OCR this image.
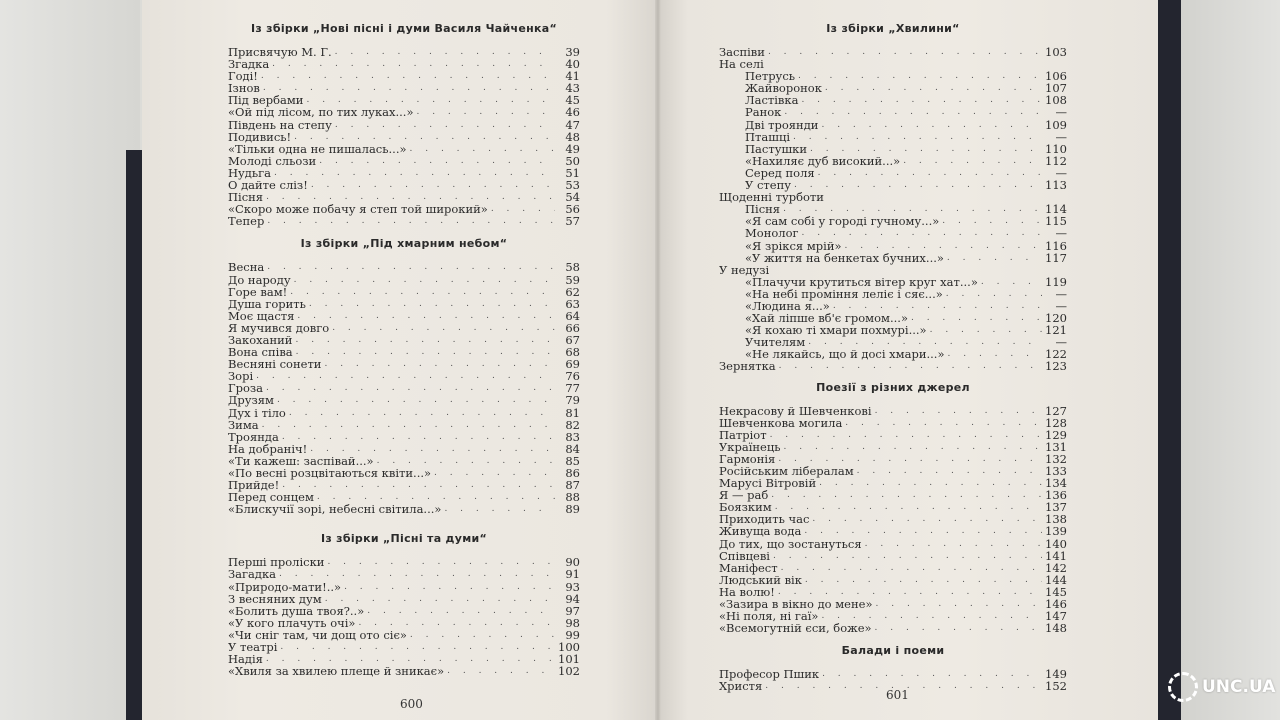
Із збірки „Нові пісні і думи Василя Чайченка“
Присвячую М. Г. . . .	39
Згадка . . .	40
Годі! . . .	41
Ізнов . . .	43
Під вербами . . .	45
«Ой під лісом, по тих луках...» . . .	46
Південь на степу . . .	47
Подивись! . . .	48
«Тільки одна не пишалась...» . . .	49
Молоді сльози . . .	50
Нудьга . . .	51
О дайте сліз! . . .	53
Пісня . . .	54
«Скоро може побачу я степ той широкий» . . .	56
Тепер . . .	57
Із збірки „Під хмарним небом“
Весна . . .	58
До народу . . .	59
Горе вам! . . .	62
Душа горить . . .	63
Моє щастя . . .	64
Я мучився довго . . .	66
Закоханий . . .	67
Вона співа . . .	68
Весняні сонети . . .	69
Зорі . . .	76
Гроза . . .	77
Друзям . . .	79
Дух і тіло . . .	81
Зима . . .	82
Троянда . . .	83
На добраніч! . . .	84
«Ти кажеш: заспівай...» . . .	85
«По весні розцвітаються квіти...» . . .	86
Прийде! . . .	87
Перед сонцем . . .	88
«Блискучії зорі, небесні світила...» . . .	89
Із збірки „Пісні та думи“
Перші проліски . . .	90
Загадка . . .	91
«Природо-мати!..» . . .	93
З весняних дум . . .	94
«Болить душа твоя?..» . . .	97
«У кого плачуть очі» . . .	98
«Чи сніг там, чи дощ ото сіє» . . .	99
У театрі . . .	100
Надія . . .	101
«Хвиля за хвилею плеще й зникає» . . .	102
Із збірки „Хвилини“
Заспіви . . .	103
На селі
Петрусь . . .	106
Жайворонок . . .	107
Ластівка . . .	108
Ранок . . .	—
Дві троянди . . .	109
Пташці . . .	—
Пастушки . . .	110
«Нахиляє дуб високий...» . . .	112
Серед поля . . .	—
У степу . . .	113
Щоденні турботи
Пісня . . .	114
«Я сам собі у городі гучному...» . . .	115
Монолог . . .	—
«Я зрікся мрій» . . .	116
«У життя на бенкетах бучних...» . . .	117
У недузі
«Плачучи крутиться вітер круг хат...» . . .	119
«На небі проміння леліє і сяє...» . . .	—
«Людина я...» . . .	—
«Хай ліпше вб'є громом...» . . .	120
«Я кохаю ті хмари похмурі...» . . .	121
Учителям . . .	—
«Не лякайсь, що й досі хмари...» . . .	122
Зернятка . . .	123
Поезії з різних джерел
Некрасову й Шевченкові . . .	127
Шевченкова могила . . .	128
Патріот . . .	129
Українець . . .	131
Гармонія . . .	132
Російським лібералам . . .	133
Марусі Вітровій . . .	134
Я — раб . . .	136
Боязким . . .	137
Приходить час . . .	138
Живуща вода . . .	139
До тих, що зостануться . . .	140
Співцеві . . .	141
Маніфест . . .	142
Людський вік . . .	144
На волю! . . .	145
«Зазира в вікно до мене» . . .	146
«Ні поля, ні гаї» . . .	147
«Всемогутній єси, боже» . . .	148
Балади і поеми
Професор Пшик . . .	149
Христя . . .	152
600
601	UNC.UA
